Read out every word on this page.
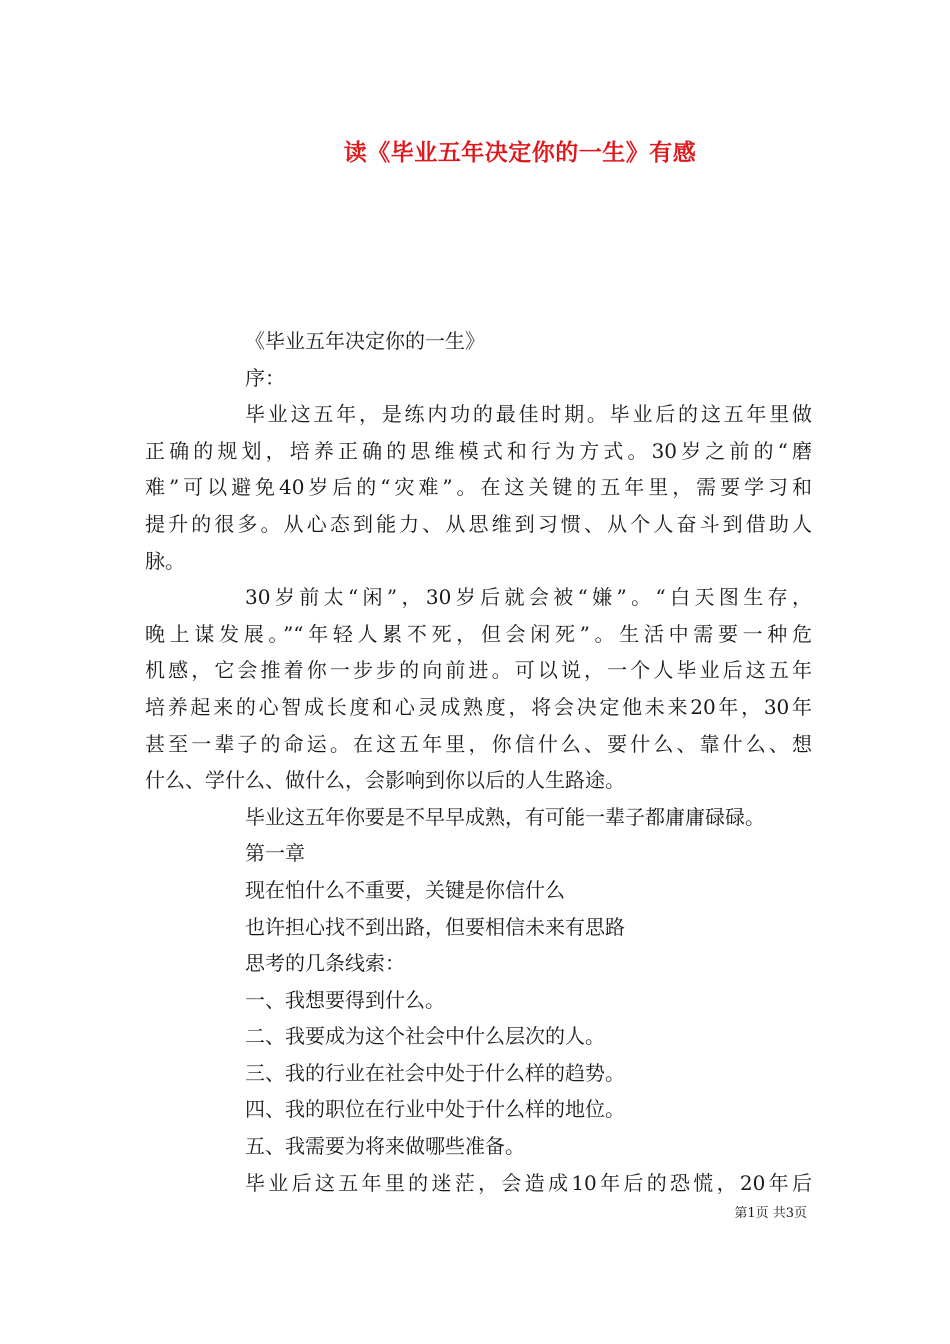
读《毕业五年决定你的一生》有感
《毕业五年决定你的一生》
序：
毕业这五年，是练内功的最佳时期。毕业后的这五年里做
正确的规划，培养正确的思维模式和行为方式。30岁之前的“磨
难”可以避免40岁后的“灾难”。在这关键的五年里，需要学习和
提升的很多。从心态到能力、从思维到习惯、从个人奋斗到借助人
脉。
30岁前太“闲”，30岁后就会被“嫌”。“白天图生存，
晚上谋发展。”“年轻人累不死，但会闲死”。生活中需要一种危
机感，它会推着你一步步的向前进。可以说，一个人毕业后这五年
培养起来的心智成长度和心灵成熟度，将会决定他未来20年，30年
甚至一辈子的命运。在这五年里，你信什么、要什么、靠什么、想
什么、学什么、做什么，会影响到你以后的人生路途。
毕业这五年你要是不早早成熟，有可能一辈子都庸庸碌碌。
第一章
现在怕什么不重要，关键是你信什么
也许担心找不到出路，但要相信未来有思路
思考的几条线索：
一、我想要得到什么。
二、我要成为这个社会中什么层次的人。
三、我的行业在社会中处于什么样的趋势。
四、我的职位在行业中处于什么样的地位。
五、我需要为将来做哪些准备。
毕业后这五年里的迷茫，会造成10年后的恐慌，20年后
第1页 共3页
